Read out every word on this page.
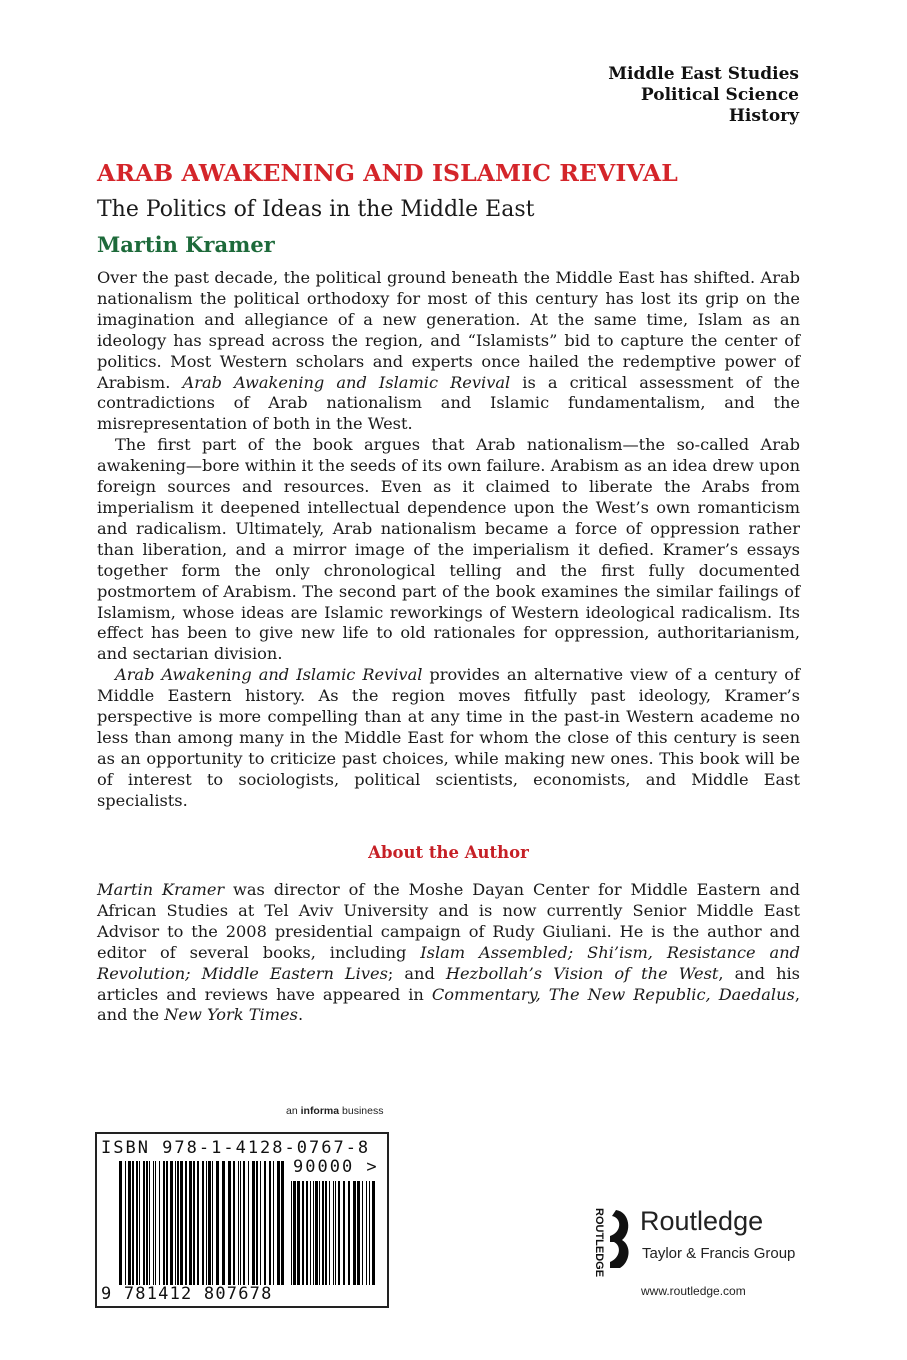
Middle East Studies
Political Science
History
ARAB AWAKENING AND ISLAMIC REVIVAL
The Politics of Ideas in the Middle East
Martin Kramer

Over the past decade, the political ground beneath the Middle East has shifted. Arab nationalism the political orthodoxy for most of this century has lost its grip on the imagination and allegiance of a new generation. At the same time, Islam as an ideology has spread across the region, and “Islamists” bid to capture the center of politics. Most Western scholars and experts once hailed the redemptive power of Arabism. Arab Awakening and Islamic Revival is a critical assessment of the contradictions of Arab nationalism and Islamic fundamentalism, and the misrepresentation of both in the West.

The first part of the book argues that Arab nationalism—the so-called Arab awakening—bore within it the seeds of its own failure. Arabism as an idea drew upon foreign sources and resources. Even as it claimed to liberate the Arabs from imperialism it deepened intellectual dependence upon the West’s own romanticism and radicalism. Ultimately, Arab nationalism became a force of oppression rather than liberation, and a mirror image of the imperialism it defied. Kramer’s essays together form the only chronological telling and the first fully documented postmortem of Arabism. The second part of the book examines the similar failings of Islamism, whose ideas are Islamic reworkings of Western ideological radicalism. Its effect has been to give new life to old rationales for oppression, authoritarianism, and sectarian division.

Arab Awakening and Islamic Revival provides an alternative view of a century of Middle Eastern history. As the region moves fitfully past ideology, Kramer’s perspective is more compelling than at any time in the past-in Western academe no less than among many in the Middle East for whom the close of this century is seen as an opportunity to criticize past choices, while making new ones. This book will be of interest to sociologists, political scientists, economists, and Middle East specialists.

About the Author

Martin Kramer was director of the Moshe Dayan Center for Middle Eastern and African Studies at Tel Aviv University and is now currently Senior Middle East Advisor to the 2008 presidential campaign of Rudy Giuliani. He is the author and editor of several books, including Islam Assembled; Shi’ism, Resistance and Revolution; Middle Eastern Lives; and Hezbollah’s Vision of the West, and his articles and reviews have appeared in Commentary, The New Republic, Daedalus, and the New York Times.

an informa business
ISBN 978-1-4128-0767-8
90000 >
9 781412 807678
ROUTLEDGE Routledge
Taylor & Francis Group
www.routledge.com
